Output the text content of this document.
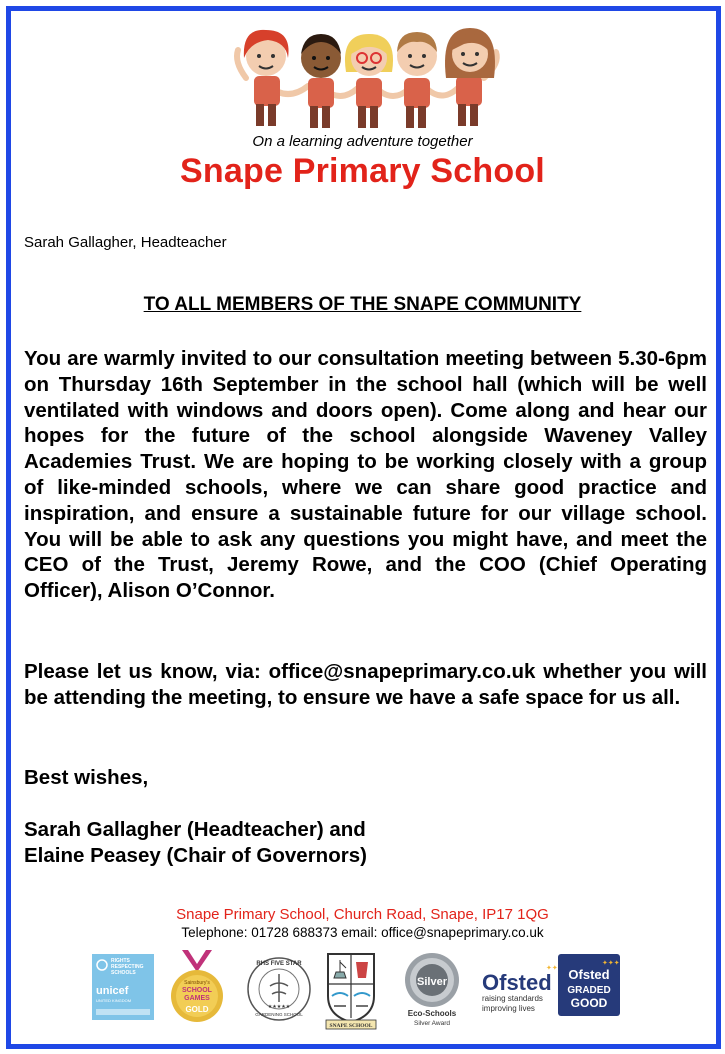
On a learning adventure together
Snape Primary School
Sarah Gallagher, Headteacher
TO ALL MEMBERS OF THE SNAPE COMMUNITY
You are warmly invited to our consultation meeting between 5.30-6pm on Thursday 16th September in the school hall (which will be well ventilated with windows and doors open). Come along and hear our hopes for the future of the school alongside Waveney Valley Academies Trust. We are hoping to be working closely with a group of like-minded schools, where we can share good practice and inspiration, and ensure a sustainable future for our village school. You will be able to ask any questions you might have, and meet the CEO of the Trust, Jeremy Rowe, and the COO (Chief Operating Officer), Alison O’Connor.
Please let us know, via: office@snapeprimary.co.uk whether you will be attending the meeting, to ensure we have a safe space for us all.
Best wishes,
Sarah Gallagher (Headteacher) and
Elaine Peasey (Chair of Governors)
Snape Primary School, Church Road, Snape, IP17 1QG
Telephone: 01728 688373 email: office@snapeprimary.co.uk
RIGHTS
RESPECTING
SCHOOLS
unicef
UNITED KINGDOM
Sainsbury's
SCHOOL
GAMES
GOLD
RHS FIVE STAR
GARDENING SCHOOL
★★★★★
SNAPE SCHOOL
Silver
Eco-Schools
Silver Award
✦✦
Ofsted
raising standards
improving lives
✦✦✦
Ofsted
GRADED
GOOD
